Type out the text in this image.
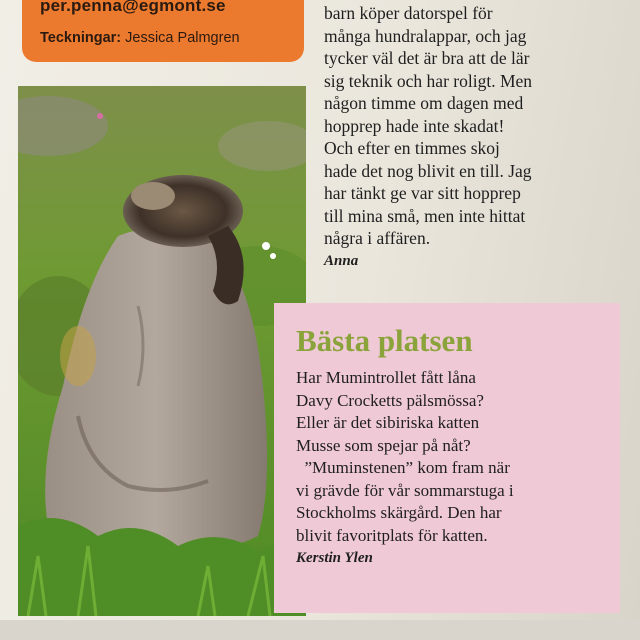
per.penna@egmont.se
Teckningar: Jessica Palmgren
barn köper datorspel för
många hundralappar, och jag
tycker väl det är bra att de lär
sig teknik och har roligt. Men
någon timme om dagen med
hopprep hade inte skadat!
Och efter en timmes skoj
hade det nog blivit en till. Jag
har tänkt ge var sitt hopprep
till mina små, men inte hittat
några i affären.
Anna
Bästa platsen
Har Mumintrollet fått låna
Davy Crocketts pälsmössa?
Eller är det sibiriska katten
Musse som spejar på nåt?
”Muminstenen” kom fram när
vi grävde för vår sommarstuga i
Stockholms skärgård. Den har
blivit favoritplats för katten.
Kerstin Ylen
